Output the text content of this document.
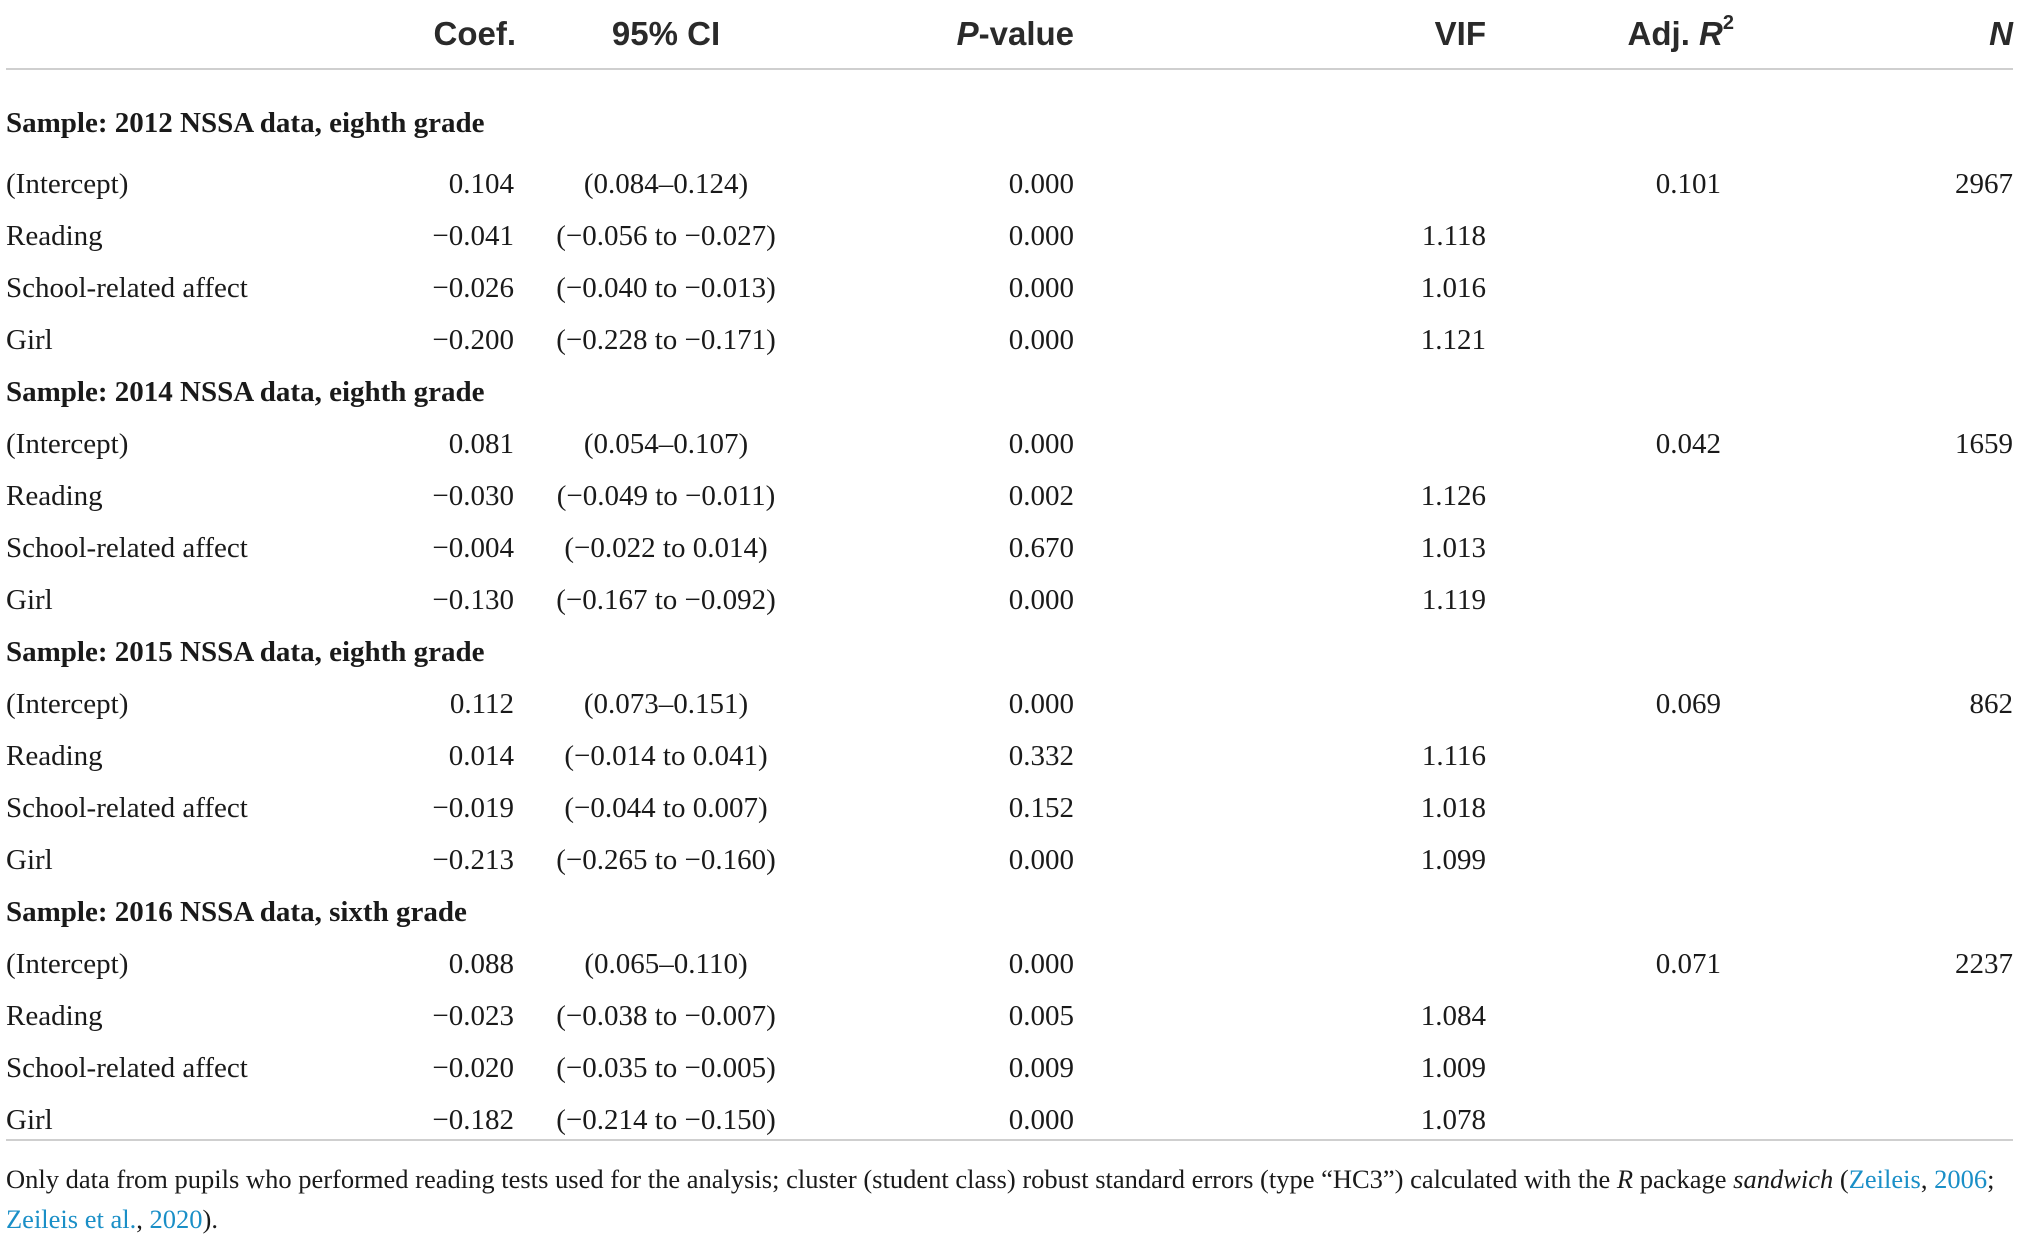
	Coef.	95% CI	P-value	VIF	Adj. $R^2$	N
Sample: 2012 NSSA data, eighth grade						
(Intercept)	0.104	(0.084–0.124)	0.000		0.101	2967
Reading	−0.041	(−0.056 to −0.027)	0.000	1.118		
School-related affect	−0.026	(−0.040 to −0.013)	0.000	1.016		
Girl	−0.200	(−0.228 to −0.171)	0.000	1.121		
Sample: 2014 NSSA data, eighth grade						
(Intercept)	0.081	(0.054–0.107)	0.000		0.042	1659
Reading	−0.030	(−0.049 to −0.011)	0.002	1.126		
School-related affect	−0.004	(−0.022 to 0.014)	0.670	1.013		
Girl	−0.130	(−0.167 to −0.092)	0.000	1.119		
Sample: 2015 NSSA data, eighth grade						
(Intercept)	0.112	(0.073–0.151)	0.000		0.069	862
Reading	0.014	(−0.014 to 0.041)	0.332	1.116		
School-related affect	−0.019	(−0.044 to 0.007)	0.152	1.018		
Girl	−0.213	(−0.265 to −0.160)	0.000	1.099		
Sample: 2016 NSSA data, sixth grade						
(Intercept)	0.088	(0.065–0.110)	0.000		0.071	2237
Reading	−0.023	(−0.038 to −0.007)	0.005	1.084		
School-related affect	−0.020	(−0.035 to −0.005)	0.009	1.009		
Girl	−0.182	(−0.214 to −0.150)	0.000	1.078		

Only data from pupils who performed reading tests used for the analysis; cluster (student class) robust standard errors (type “HC3”) calculated with the R package sandwich (Zeileis, 2006; Zeileis et al., 2020).
